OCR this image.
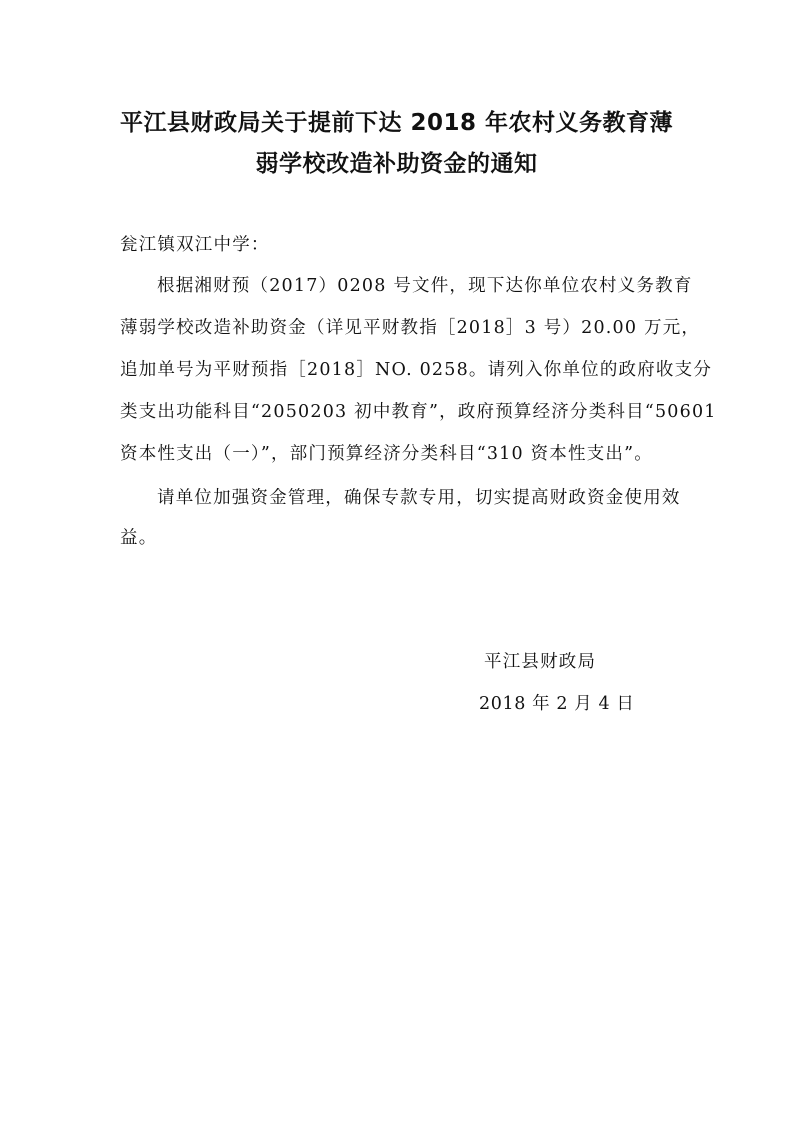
平江县财政局关于提前下达 2018 年农村义务教育薄
弱学校改造补助资金的通知
瓮江镇双江中学：
根据湘财预（2017）0208 号文件，现下达你单位农村义务教育
薄弱学校改造补助资金（详见平财教指［2018］3 号）20.00 万元，
追加单号为平财预指［2018］NO. 0258。请列入你单位的政府收支分
类支出功能科目“2050203 初中教育”，政府预算经济分类科目“50601
资本性支出（一）”，部门预算经济分类科目“310 资本性支出”。
请单位加强资金管理，确保专款专用，切实提高财政资金使用效
益。
平江县财政局
2018 年 2 月 4 日
